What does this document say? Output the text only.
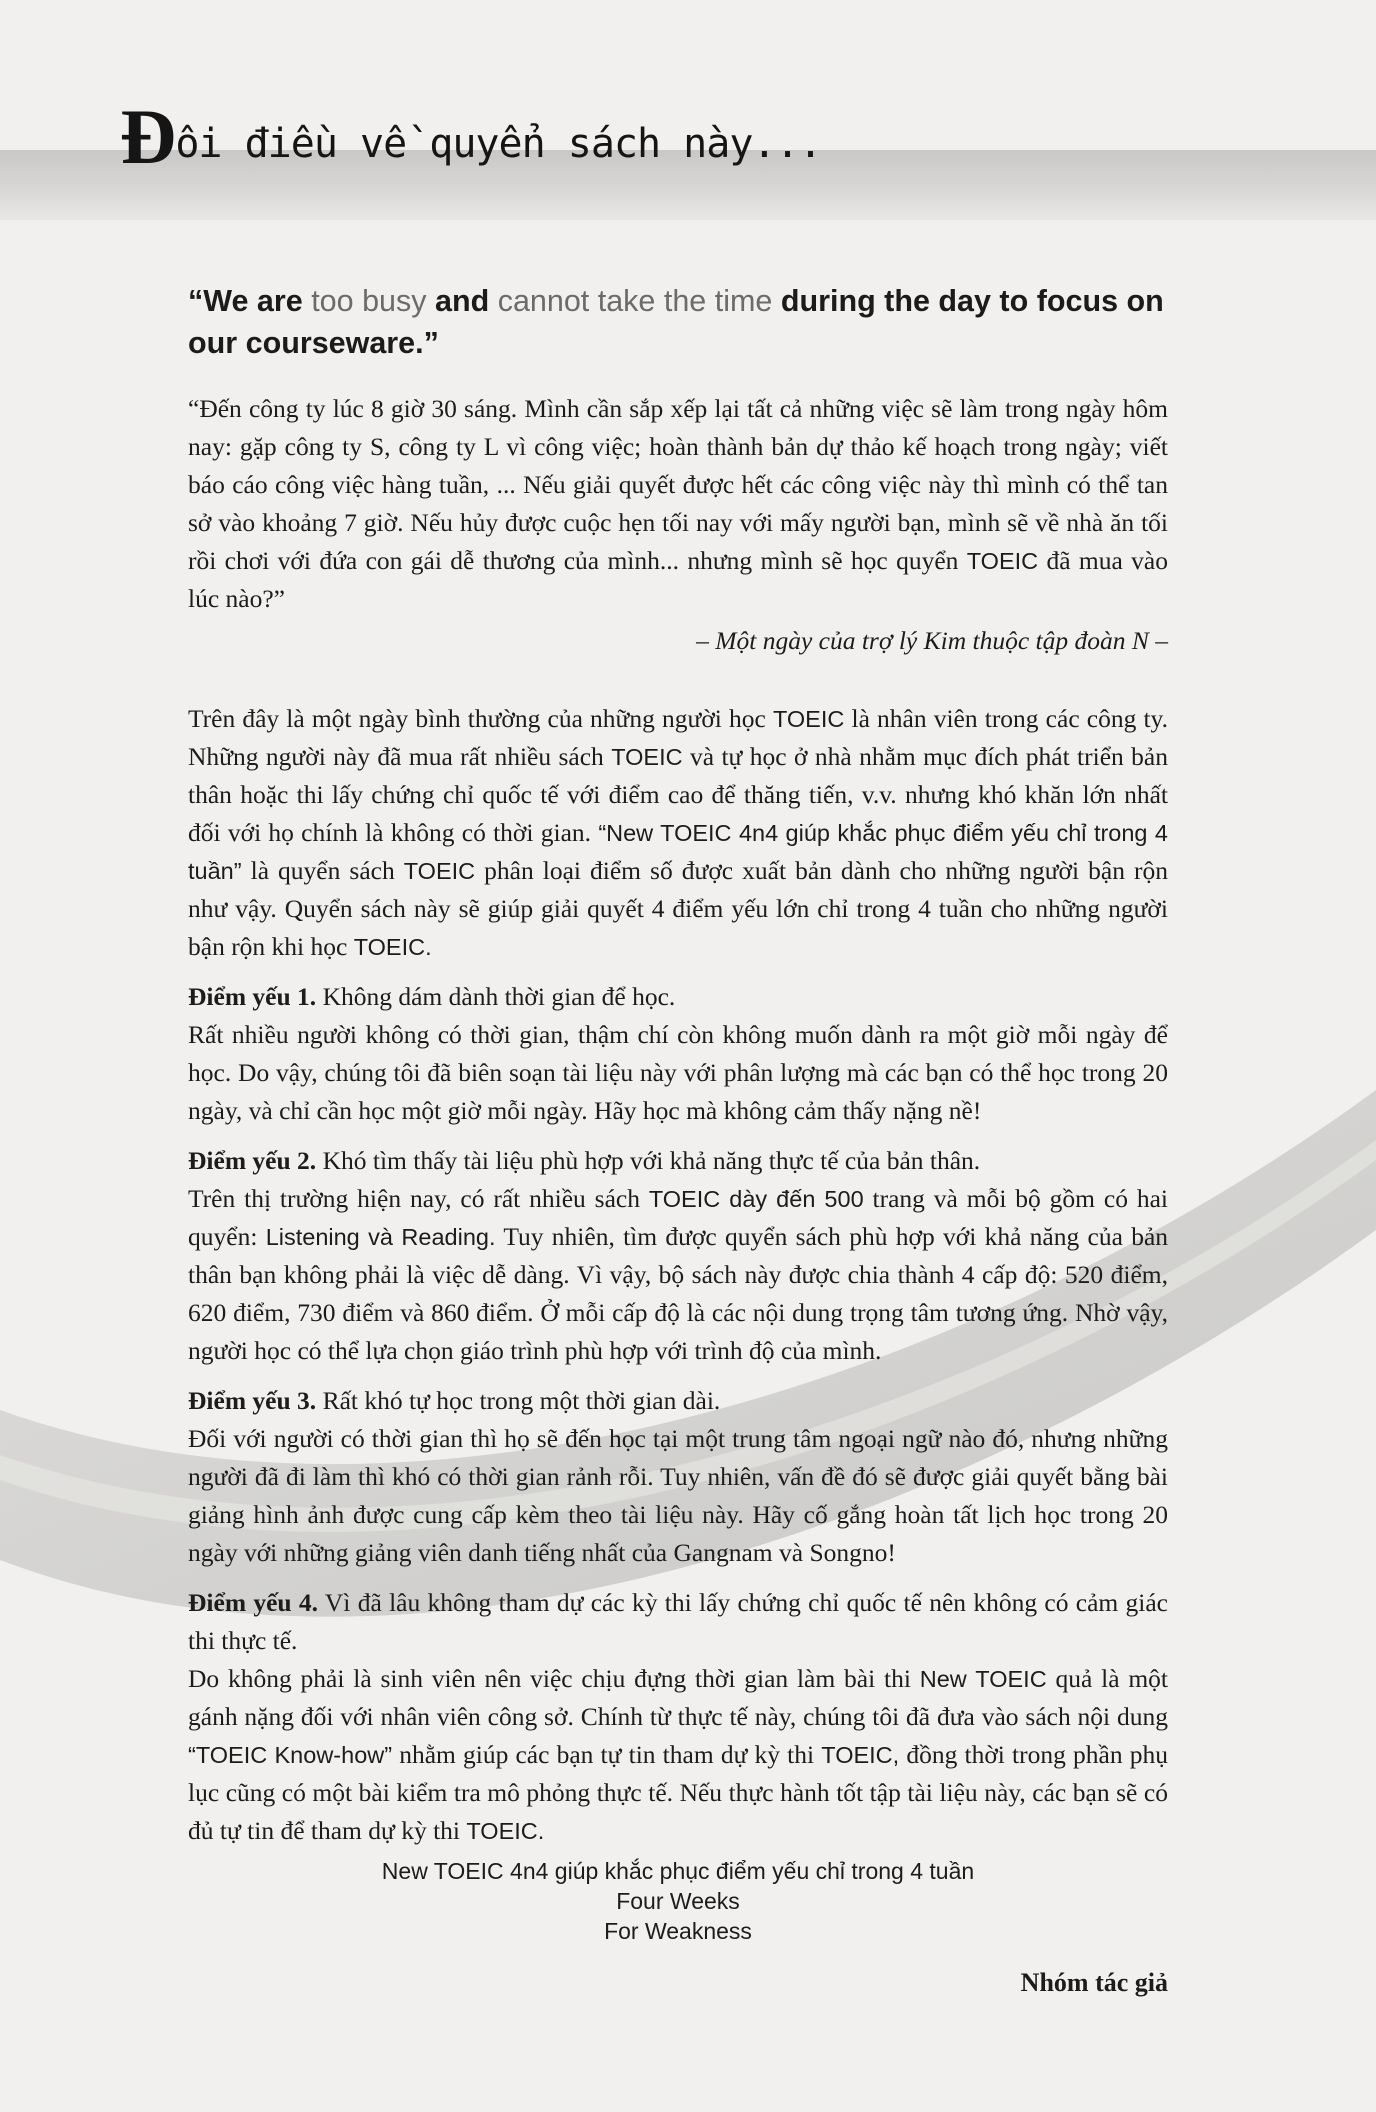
Đôi điều về quyển sách này...

“We are too busy and cannot take the time during the day to focus on our courseware.”

“Đến công ty lúc 8 giờ 30 sáng. Mình cần sắp xếp lại tất cả những việc sẽ làm trong ngày hôm nay: gặp công ty S, công ty L vì công việc; hoàn thành bản dự thảo kế hoạch trong ngày; viết báo cáo công việc hàng tuần, ... Nếu giải quyết được hết các công việc này thì mình có thể tan sở vào khoảng 7 giờ. Nếu hủy được cuộc hẹn tối nay với mấy người bạn, mình sẽ về nhà ăn tối rồi chơi với đứa con gái dễ thương của mình... nhưng mình sẽ học quyển TOEIC đã mua vào lúc nào?”

– Một ngày của trợ lý Kim thuộc tập đoàn N –

Trên đây là một ngày bình thường của những người học TOEIC là nhân viên trong các công ty. Những người này đã mua rất nhiều sách TOEIC và tự học ở nhà nhằm mục đích phát triển bản thân hoặc thi lấy chứng chỉ quốc tế với điểm cao để thăng tiến, v.v. nhưng khó khăn lớn nhất đối với họ chính là không có thời gian. “New TOEIC 4n4 giúp khắc phục điểm yếu chỉ trong 4 tuần” là quyển sách TOEIC phân loại điểm số được xuất bản dành cho những người bận rộn như vậy. Quyển sách này sẽ giúp giải quyết 4 điểm yếu lớn chỉ trong 4 tuần cho những người bận rộn khi học TOEIC.

Điểm yếu 1. Không dám dành thời gian để học.

Rất nhiều người không có thời gian, thậm chí còn không muốn dành ra một giờ mỗi ngày để học. Do vậy, chúng tôi đã biên soạn tài liệu này với phân lượng mà các bạn có thể học trong 20 ngày, và chỉ cần học một giờ mỗi ngày. Hãy học mà không cảm thấy nặng nề!

Điểm yếu 2. Khó tìm thấy tài liệu phù hợp với khả năng thực tế của bản thân.

Trên thị trường hiện nay, có rất nhiều sách TOEIC dày đến 500 trang và mỗi bộ gồm có hai quyển: Listening và Reading. Tuy nhiên, tìm được quyển sách phù hợp với khả năng của bản thân bạn không phải là việc dễ dàng. Vì vậy, bộ sách này được chia thành 4 cấp độ: 520 điểm, 620 điểm, 730 điểm và 860 điểm. Ở mỗi cấp độ là các nội dung trọng tâm tương ứng. Nhờ vậy, người học có thể lựa chọn giáo trình phù hợp với trình độ của mình.

Điểm yếu 3. Rất khó tự học trong một thời gian dài.

Đối với người có thời gian thì họ sẽ đến học tại một trung tâm ngoại ngữ nào đó, nhưng những người đã đi làm thì khó có thời gian rảnh rỗi. Tuy nhiên, vấn đề đó sẽ được giải quyết bằng bài giảng hình ảnh được cung cấp kèm theo tài liệu này. Hãy cố gắng hoàn tất lịch học trong 20 ngày với những giảng viên danh tiếng nhất của Gangnam và Songno!

Điểm yếu 4. Vì đã lâu không tham dự các kỳ thi lấy chứng chỉ quốc tế nên không có cảm giác thi thực tế.

Do không phải là sinh viên nên việc chịu đựng thời gian làm bài thi New TOEIC quả là một gánh nặng đối với nhân viên công sở. Chính từ thực tế này, chúng tôi đã đưa vào sách nội dung “TOEIC Know-how” nhằm giúp các bạn tự tin tham dự kỳ thi TOEIC, đồng thời trong phần phụ lục cũng có một bài kiểm tra mô phỏng thực tế. Nếu thực hành tốt tập tài liệu này, các bạn sẽ có đủ tự tin để tham dự kỳ thi TOEIC.

New TOEIC 4n4 giúp khắc phục điểm yếu chỉ trong 4 tuần
Four Weeks
For Weakness
Nhóm tác giả
